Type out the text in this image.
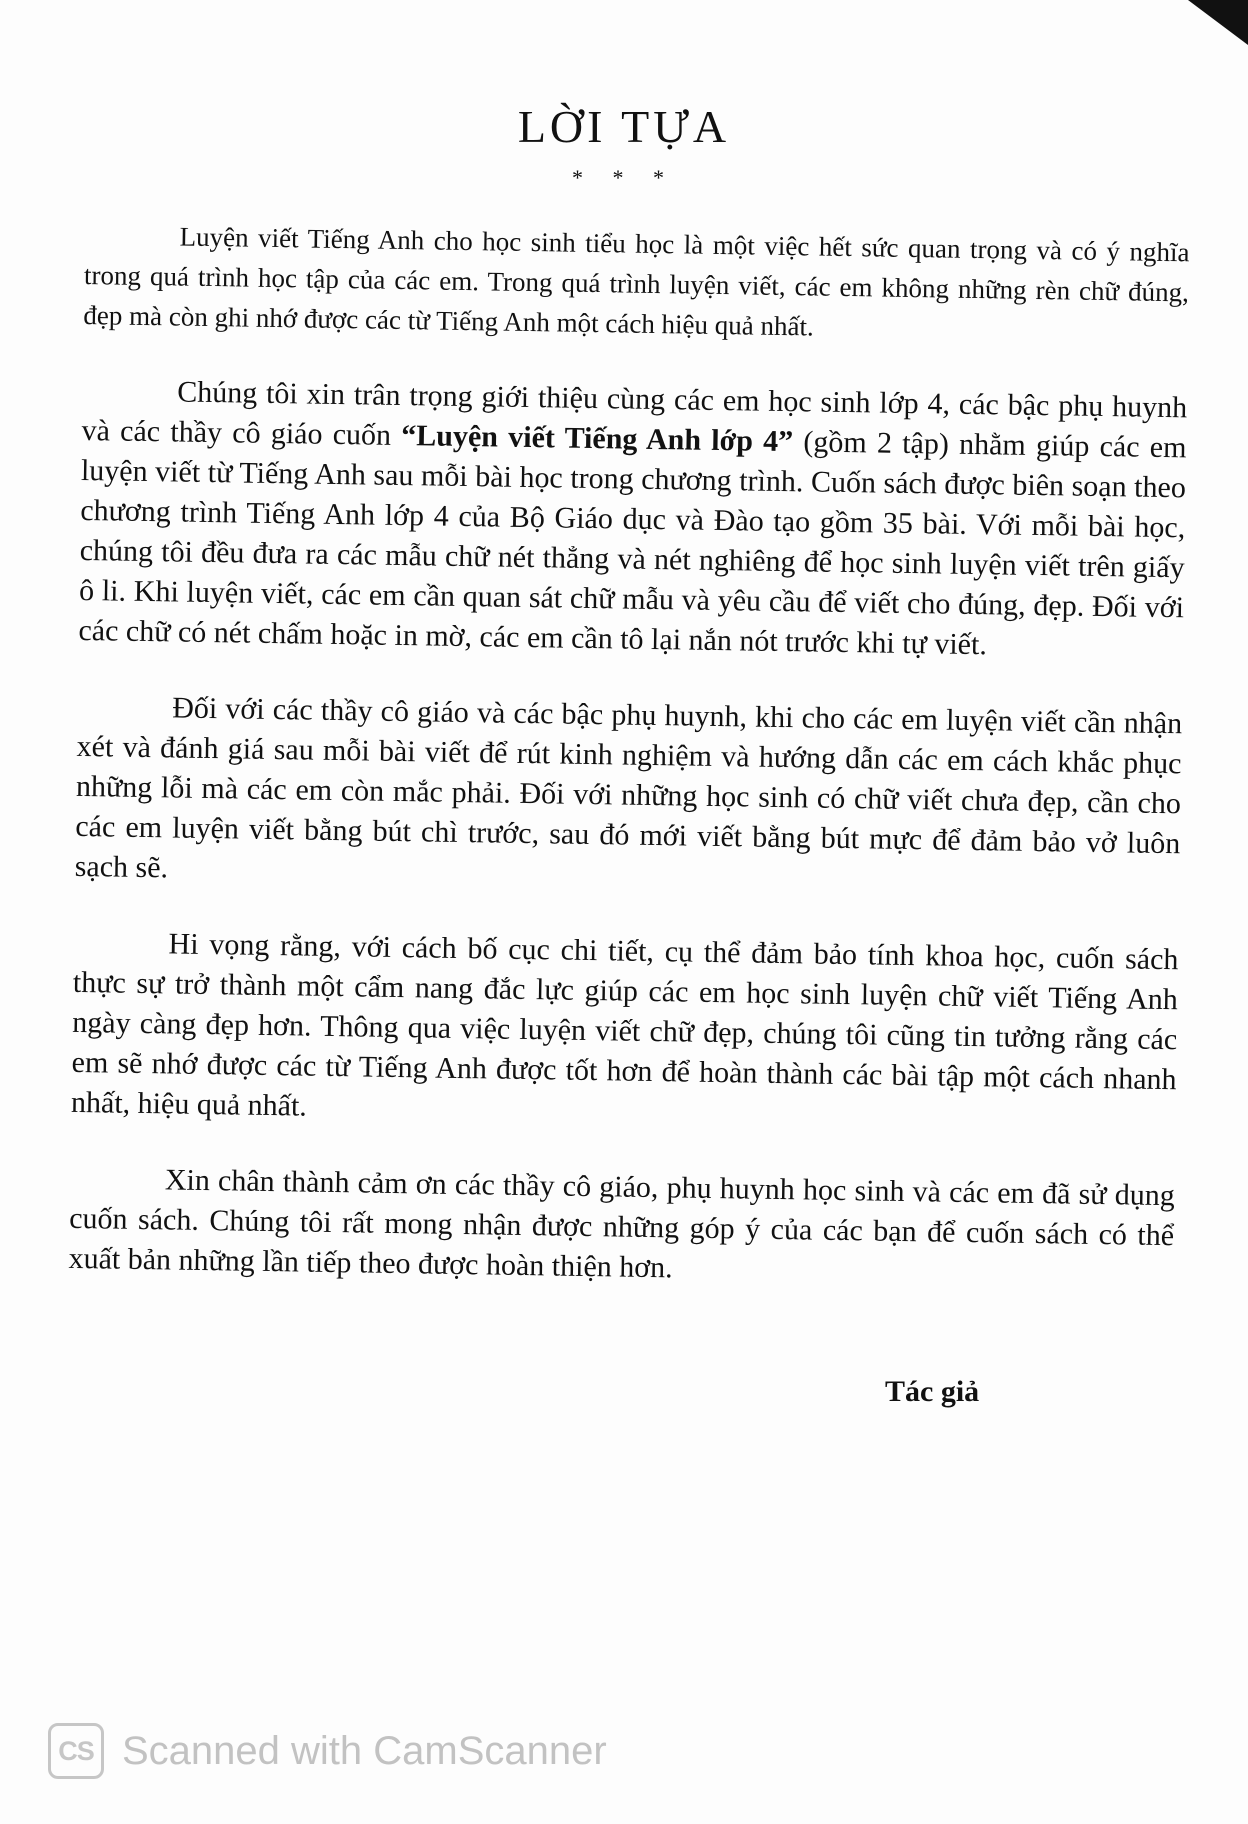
LỜI TỰA
* * *

Luyện viết Tiếng Anh cho học sinh tiểu học là một việc hết sức quan trọng và có ý nghĩa trong quá trình học tập của các em. Trong quá trình luyện viết, các em không những rèn chữ đúng, đẹp mà còn ghi nhớ được các từ Tiếng Anh một cách hiệu quả nhất.

Chúng tôi xin trân trọng giới thiệu cùng các em học sinh lớp 4, các bậc phụ huynh và các thầy cô giáo cuốn “Luyện viết Tiếng Anh lớp 4” (gồm 2 tập) nhằm giúp các em luyện viết từ Tiếng Anh sau mỗi bài học trong chương trình. Cuốn sách được biên soạn theo chương trình Tiếng Anh lớp 4 của Bộ Giáo dục và Đào tạo gồm 35 bài. Với mỗi bài học, chúng tôi đều đưa ra các mẫu chữ nét thẳng và nét nghiêng để học sinh luyện viết trên giấy ô li. Khi luyện viết, các em cần quan sát chữ mẫu và yêu cầu để viết cho đúng, đẹp. Đối với các chữ có nét chấm hoặc in mờ, các em cần tô lại nắn nót trước khi tự viết.

Đối với các thầy cô giáo và các bậc phụ huynh, khi cho các em luyện viết cần nhận xét và đánh giá sau mỗi bài viết để rút kinh nghiệm và hướng dẫn các em cách khắc phục những lỗi mà các em còn mắc phải. Đối với những học sinh có chữ viết chưa đẹp, cần cho các em luyện viết bằng bút chì trước, sau đó mới viết bằng bút mực để đảm bảo vở luôn sạch sẽ.

Hi vọng rằng, với cách bố cục chi tiết, cụ thể đảm bảo tính khoa học, cuốn sách thực sự trở thành một cẩm nang đắc lực giúp các em học sinh luyện chữ viết Tiếng Anh ngày càng đẹp hơn. Thông qua việc luyện viết chữ đẹp, chúng tôi cũng tin tưởng rằng các em sẽ nhớ được các từ Tiếng Anh được tốt hơn để hoàn thành các bài tập một cách nhanh nhất, hiệu quả nhất.

Xin chân thành cảm ơn các thầy cô giáo, phụ huynh học sinh và các em đã sử dụng cuốn sách. Chúng tôi rất mong nhận được những góp ý của các bạn để cuốn sách có thể xuất bản những lần tiếp theo được hoàn thiện hơn.

Tác giả
CS Scanned with CamScanner
